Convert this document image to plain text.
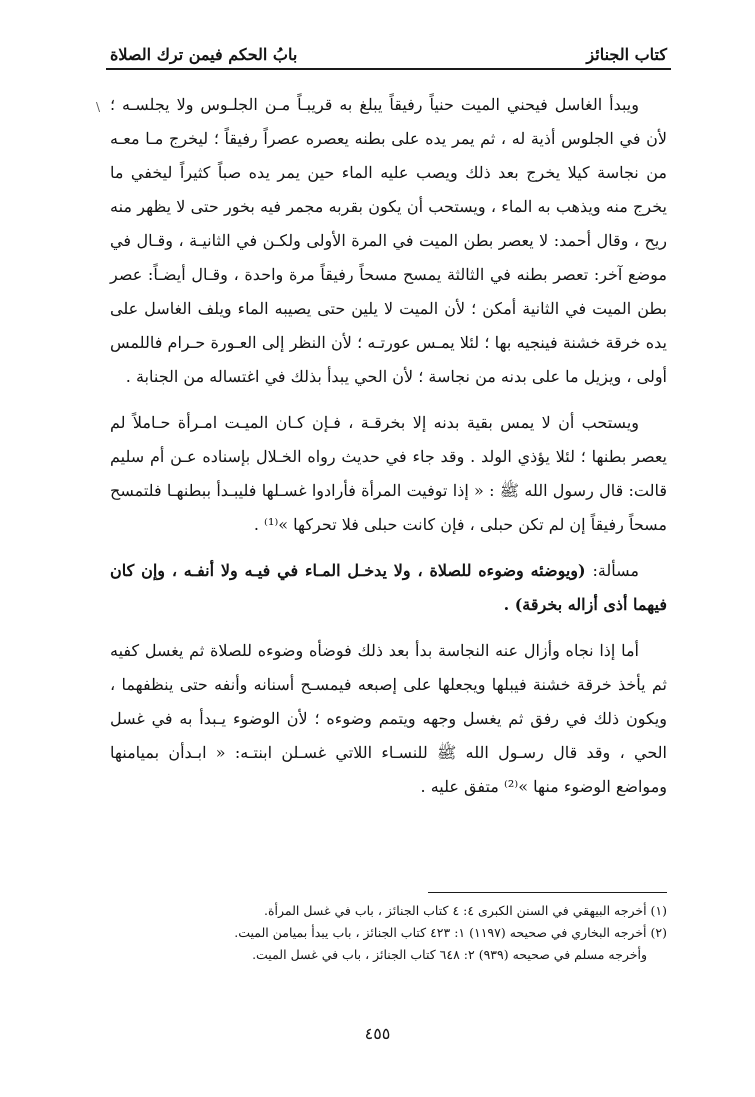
كتاب الجنائز
بابُ الحكم فيمن ترك الصلاة
\ ويبدأ الغاسل فيحني الميت حنياً رفيقاً يبلغ به قريبـاً مـن الجلـوس ولا يجلسـه ؛ لأن في الجلوس أذية له ، ثم يمر يده على بطنه يعصره عصراً رفيقاً ؛ ليخرج مـا معـه من نجاسة كيلا يخرج بعد ذلك ويصب عليه الماء حين يمر يده صباً كثيراً ليخفي ما يخرج منه ويذهب به الماء ، ويستحب أن يكون بقربه مجمر فيه بخور حتى لا يظهر منه ريح ، وقال أحمد: لا يعصر بطن الميت في المرة الأولى ولكـن في الثانيـة ، وقـال في موضع آخر: تعصر بطنه في الثالثة يمسح مسحاً رفيقاً مرة واحدة ، وقـال أيضـاً: عصر بطن الميت في الثانية أمكن ؛ لأن الميت لا يلين حتى يصيبه الماء ويلف الغاسل على يده خرقة خشنة فينجيه بها ؛ لئلا يمـس عورتـه ؛ لأن النظر إلى العـورة حـرام فاللمس أولى ، ويزيل ما على بدنه من نجاسة ؛ لأن الحي يبدأ بذلك في اغتساله من الجنابة .

ويستحب أن لا يمس بقية بدنه إلا بخرقـة ، فـإن كـان الميـت امـرأة حـاملاً لم يعصر بطنها ؛ لئلا يؤذي الولد . وقد جاء في حديث رواه الخـلال بإسناده عـن أم سليم قالت: قال رسول الله ﷺ : « إذا توفيت المرأة فأرادوا غسـلها فليبـدأ ببطنهـا فلتمسح مسحاً رفيقاً إن لم تكن حبلى ، فإن كانت حبلى فلا تحركها »⁽¹⁾ .

مسألة: (ويوضئه وضوءه للصلاة ، ولا يدخـل المـاء في فيـه ولا أنفـه ، وإن كان فيهما أذى أزاله بخرقة) .

أما إذا نجاه وأزال عنه النجاسة بدأ بعد ذلك فوضأه وضوءه للصلاة ثم يغسل كفيه ثم يأخذ خرقة خشنة فيبلها ويجعلها على إصبعه فيمسـح أسنانه وأنفه حتى ينظفهما ، ويكون ذلك في رفق ثم يغسل وجهه ويتمم وضوءه ؛ لأن الوضوء يـبدأ به في غسل الحي ، وقد قال رسـول الله ﷺ للنسـاء اللاتي غسـلن ابنتـه: « ابـدأن بميامنها ومواضع الوضوء منها »⁽²⁾ متفق عليه .

(١) أخرجه البيهقي في السنن الكبرى ٤: ٤ كتاب الجنائز ، باب في غسل المرأة.

(٢) أخرجه البخاري في صحيحه (١١٩٧) ١: ٤٢٣ كتاب الجنائز ، باب يبدأ بميامن الميت.

وأخرجه مسلم في صحيحه (٩٣٩) ٢: ٦٤٨ كتاب الجنائز ، باب في غسل الميت.

٤٥٥
